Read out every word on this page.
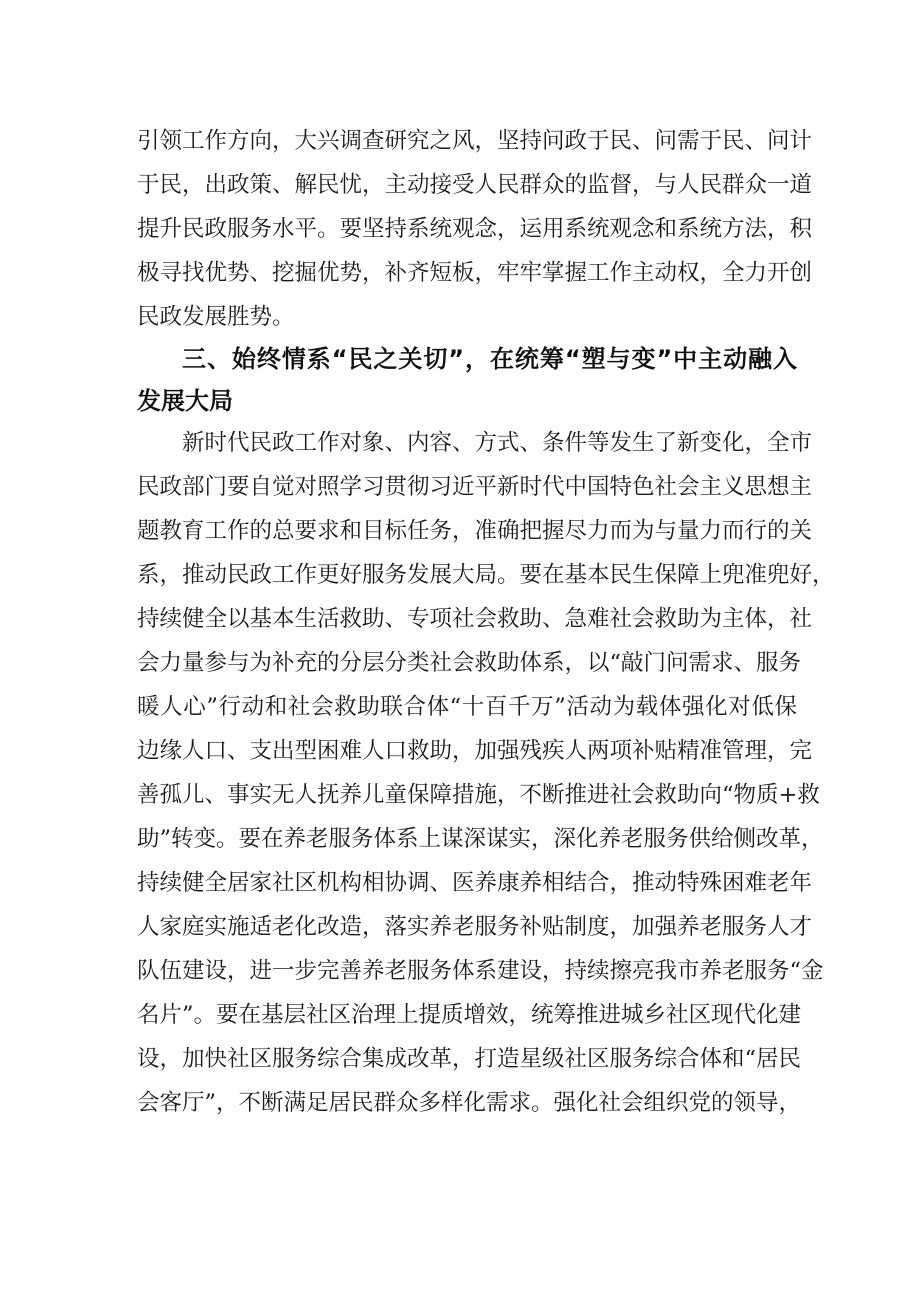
引领工作方向，大兴调查研究之风，坚持问政于民、问需于民、问计
于民，出政策、解民忧，主动接受人民群众的监督，与人民群众一道
提升民政服务水平。要坚持系统观念，运用系统观念和系统方法，积
极寻找优势、挖掘优势，补齐短板，牢牢掌握工作主动权，全力开创
民政发展胜势。
三、始终情系“民之关切”，在统筹“塑与变”中主动融入
发展大局
新时代民政工作对象、内容、方式、条件等发生了新变化，全市
民政部门要自觉对照学习贯彻习近平新时代中国特色社会主义思想主
题教育工作的总要求和目标任务，准确把握尽力而为与量力而行的关
系，推动民政工作更好服务发展大局。要在基本民生保障上兜准兜好，
持续健全以基本生活救助、专项社会救助、急难社会救助为主体，社
会力量参与为补充的分层分类社会救助体系，以“敲门问需求、服务
暖人心”行动和社会救助联合体“十百千万”活动为载体强化对低保
边缘人口、支出型困难人口救助，加强残疾人两项补贴精准管理，完
善孤儿、事实无人抚养儿童保障措施，不断推进社会救助向“物质+救
助”转变。要在养老服务体系上谋深谋实，深化养老服务供给侧改革，
持续健全居家社区机构相协调、医养康养相结合，推动特殊困难老年
人家庭实施适老化改造，落实养老服务补贴制度，加强养老服务人才
队伍建设，进一步完善养老服务体系建设，持续擦亮我市养老服务“金
名片”。要在基层社区治理上提质增效，统筹推进城乡社区现代化建
设，加快社区服务综合集成改革，打造星级社区服务综合体和“居民
会客厅”，不断满足居民群众多样化需求。强化社会组织党的领导，
